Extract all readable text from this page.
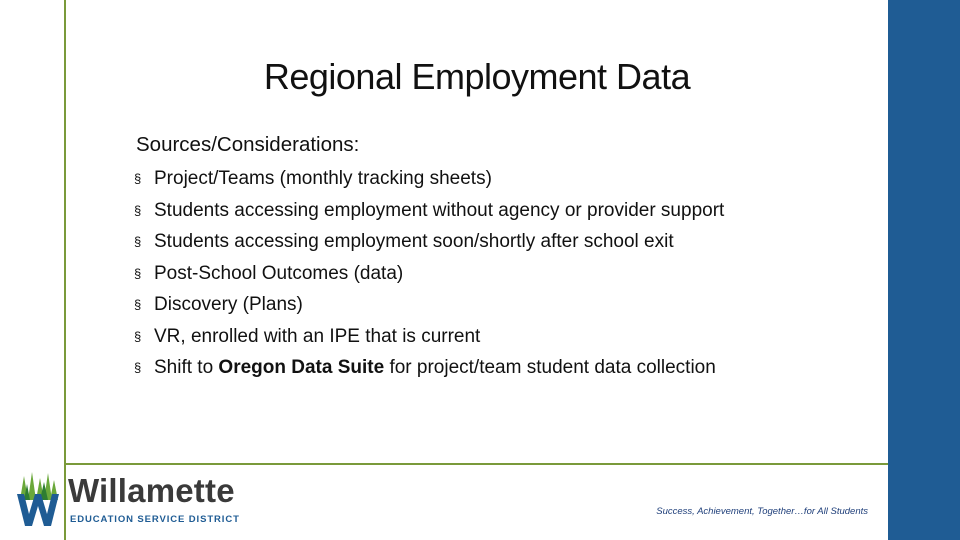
Regional Employment Data
Sources/Considerations:
§ Project/Teams (monthly tracking sheets)
§ Students accessing employment without agency or provider support
§ Students accessing employment soon/shortly after school exit
§ Post-School Outcomes (data)
§ Discovery (Plans)
§ VR, enrolled with an IPE that is current
§ Shift to Oregon Data Suite for project/team student data collection
Willamette
EDUCATION SERVICE DISTRICT
Success, Achievement, Together…for All Students
